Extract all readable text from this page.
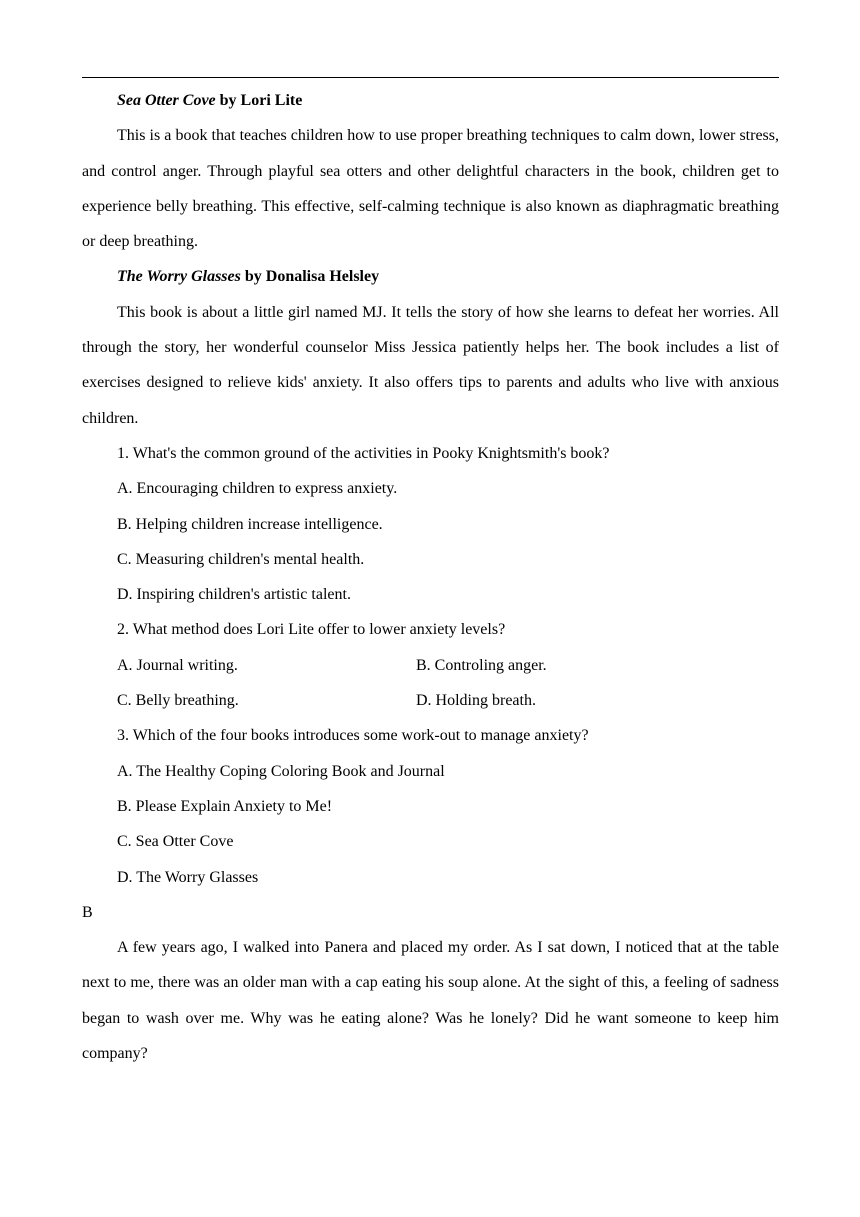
Sea Otter Cove by Lori Lite

This is a book that teaches children how to use proper breathing techniques to calm down, lower stress, and control anger. Through playful sea otters and other delightful characters in the book, children get to experience belly breathing. This effective, self-calming technique is also known as diaphragmatic breathing or deep breathing.

The Worry Glasses by Donalisa Helsley

This book is about a little girl named MJ. It tells the story of how she learns to defeat her worries. All through the story, her wonderful counselor Miss Jessica patiently helps her. The book includes a list of exercises designed to relieve kids' anxiety. It also offers tips to parents and adults who live with anxious children.

1. What's the common ground of the activities in Pooky Knightsmith's book?

A. Encouraging children to express anxiety.

B. Helping children increase intelligence.

C. Measuring children's mental health.

D. Inspiring children's artistic talent.

2. What method does Lori Lite offer to lower anxiety levels?

A. Journal writing.	B. Controling anger.
C. Belly breathing.	D. Holding breath.

3. Which of the four books introduces some work-out to manage anxiety?

A. The Healthy Coping Coloring Book and Journal

B. Please Explain Anxiety to Me!

C. Sea Otter Cove

D. The Worry Glasses

B

A few years ago, I walked into Panera and placed my order. As I sat down, I noticed that at the table next to me, there was an older man with a cap eating his soup alone. At the sight of this, a feeling of sadness began to wash over me. Why was he eating alone? Was he lonely? Did he want someone to keep him company?
